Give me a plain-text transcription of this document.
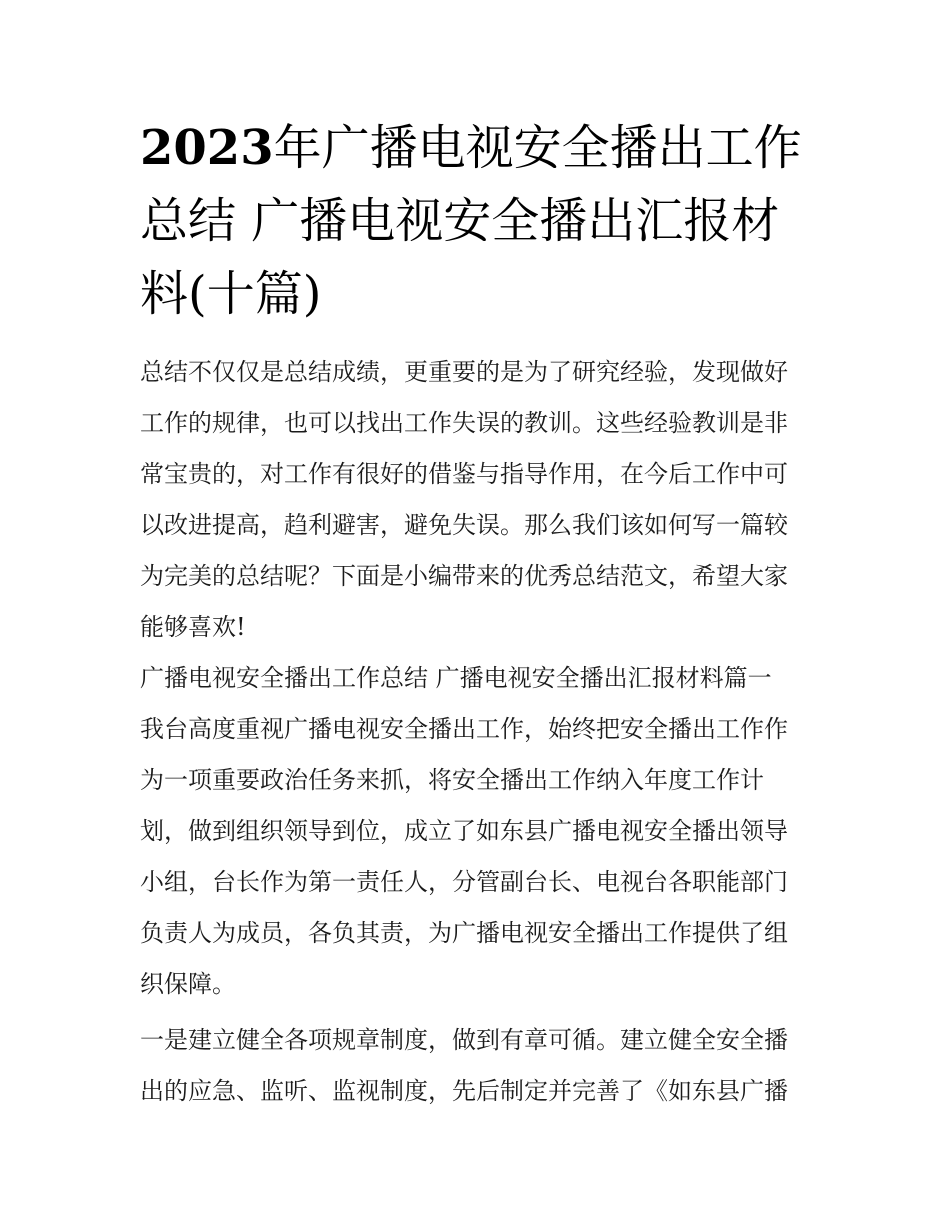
2023年广播电视安全播出工作
总结 广播电视安全播出汇报材
料(十篇)

总结不仅仅是总结成绩，更重要的是为了研究经验，发现做好
工作的规律，也可以找出工作失误的教训。这些经验教训是非
常宝贵的，对工作有很好的借鉴与指导作用，在今后工作中可
以改进提高，趋利避害，避免失误。那么我们该如何写一篇较
为完美的总结呢？下面是小编带来的优秀总结范文，希望大家
能够喜欢!

广播电视安全播出工作总结 广播电视安全播出汇报材料篇一

我台高度重视广播电视安全播出工作，始终把安全播出工作作
为一项重要政治任务来抓，将安全播出工作纳入年度工作计
划，做到组织领导到位，成立了如东县广播电视安全播出领导
小组，台长作为第一责任人，分管副台长、电视台各职能部门
负责人为成员，各负其责，为广播电视安全播出工作提供了组
织保障。

一是建立健全各项规章制度，做到有章可循。建立健全安全播
出的应急、监听、监视制度，先后制定并完善了《如东县广播
